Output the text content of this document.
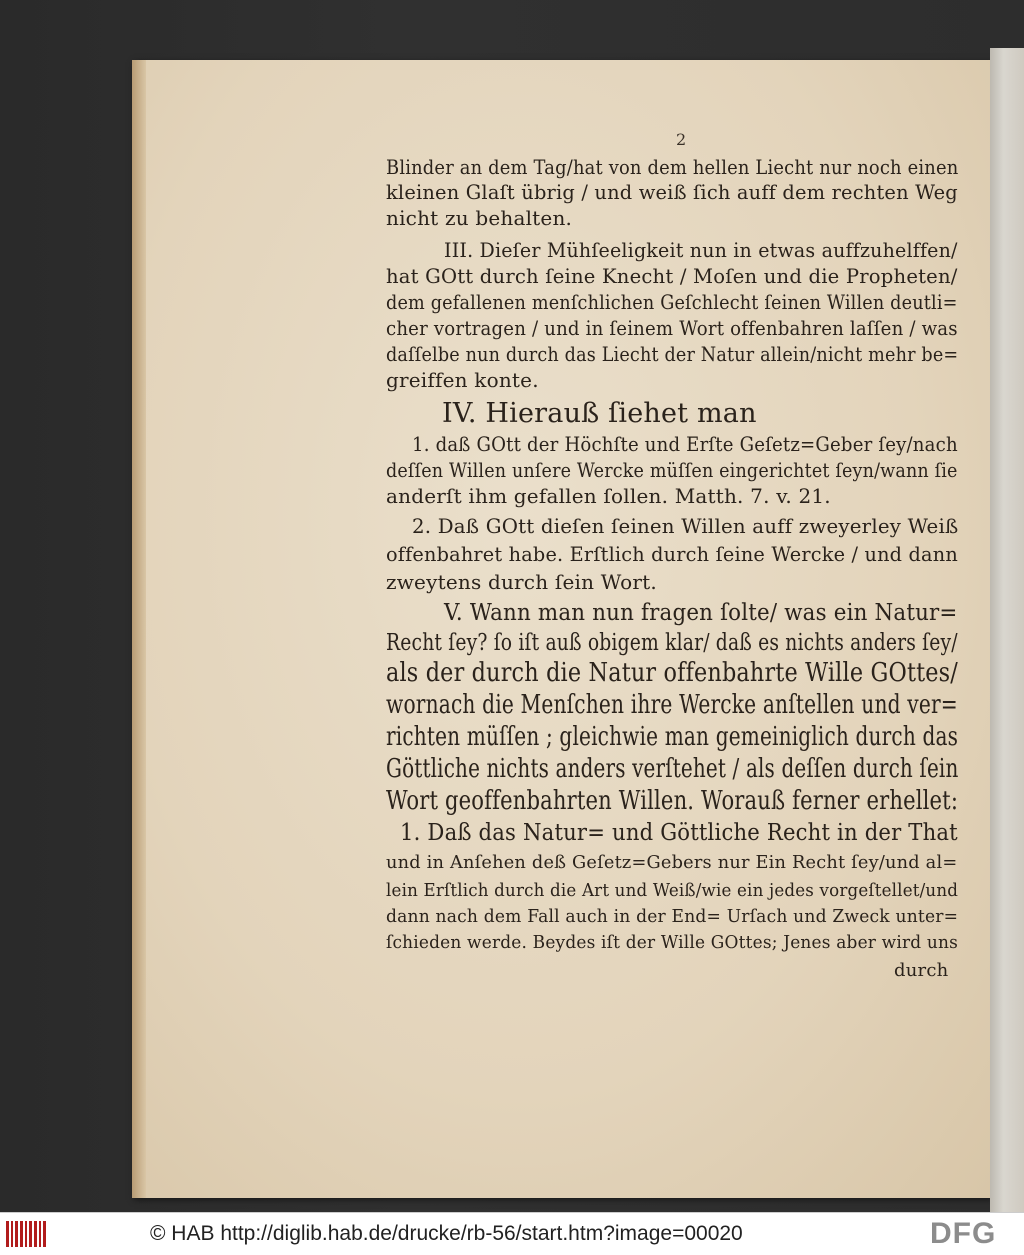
2
Blinder an dem Tag/hat von dem hellen Liecht nur noch einen
kleinen Glaſt übrig / und weiß ſich auff dem rechten Weg
nicht zu behalten.
III. Dieſer Mühſeeligkeit nun in etwas auffzuhelffen/
hat GOtt durch ſeine Knecht / Moſen und die Propheten/
dem gefallenen menſchlichen Geſchlecht ſeinen Willen deutli=
cher vortragen / und in ſeinem Wort offenbahren laſſen / was
daſſelbe nun durch das Liecht der Natur allein/nicht mehr be=
greiffen konte.
IV. Hierauß ſiehet man
1. daß GOtt der Höchſte und Erſte Geſetz=Geber ſey/nach
deſſen Willen unſere Wercke müſſen eingerichtet ſeyn/wann ſie
anderſt ihm gefallen ſollen. Matth. 7. v. 21.
2. Daß GOtt dieſen ſeinen Willen auff zweyerley Weiß
offenbahret habe. Erſtlich durch ſeine Wercke / und dann
zweytens durch ſein Wort.
V. Wann man nun fragen ſolte/ was ein Natur=
Recht ſey? ſo iſt auß obigem klar/ daß es nichts anders ſey/
als der durch die Natur offenbahrte Wille GOttes/
wornach die Menſchen ihre Wercke anſtellen und ver=
richten müſſen ; gleichwie man gemeiniglich durch das
Göttliche nichts anders verſtehet / als deſſen durch ſein
Wort geoffenbahrten Willen. Worauß ferner erhellet:
1. Daß das Natur= und Göttliche Recht in der That
und in Anſehen deß Geſetz=Gebers nur Ein Recht ſey/und al=
lein Erſtlich durch die Art und Weiß/wie ein jedes vorgeſtellet/und
dann nach dem Fall auch in der End= Urſach und Zweck unter=
ſchieden werde. Beydes iſt der Wille GOttes; Jenes aber wird uns
durch
© HAB http://diglib.hab.de/drucke/rb-56/start.htm?image=00020	DFG
